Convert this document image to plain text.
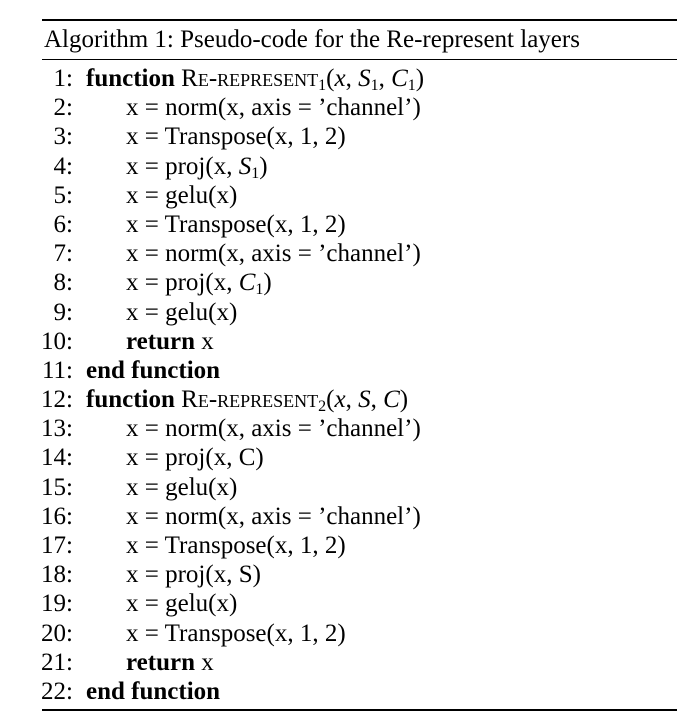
Algorithm 1: Pseudo-code for the Re-represent layers
1: function Re-represent$_1$(x, $S_1$, $C_1$)
2: x = norm(x, axis = ’channel’)
3: x = Transpose(x, 1, 2)
4: x = proj(x, $S_1$)
5: x = gelu(x)
6: x = Transpose(x, 1, 2)
7: x = norm(x, axis = ’channel’)
8: x = proj(x, $C_1$)
9: x = gelu(x)
10: return x
11: end function
12: function Re-represent$_2$(x, S, C)
13: x = norm(x, axis = ’channel’)
14: x = proj(x, C)
15: x = gelu(x)
16: x = norm(x, axis = ’channel’)
17: x = Transpose(x, 1, 2)
18: x = proj(x, S)
19: x = gelu(x)
20: x = Transpose(x, 1, 2)
21: return x
22: end function
